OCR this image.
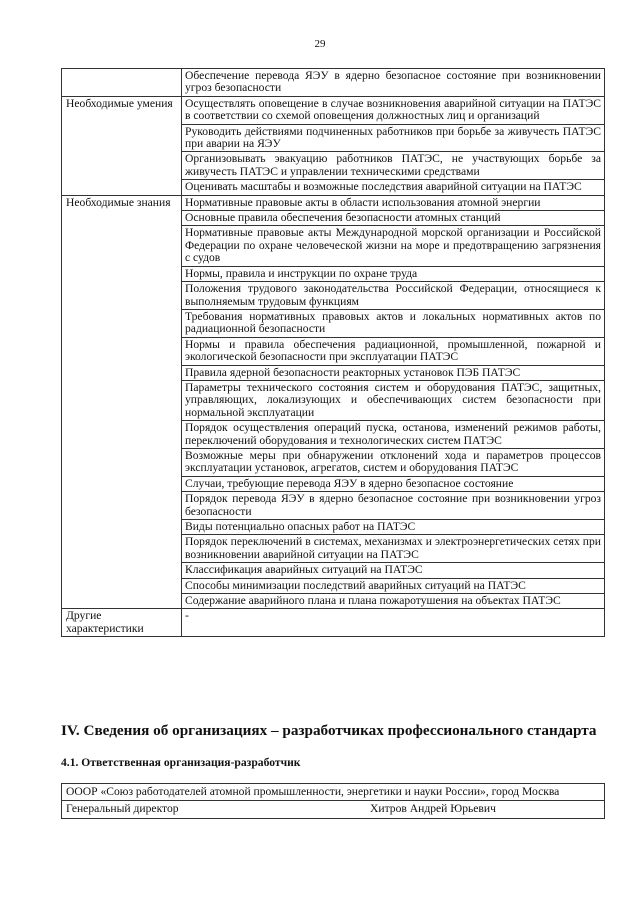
29
	Обеспечение перевода ЯЭУ в ядерно безопасное состояние при возникновении угроз безопасности
Необходимые умения	Осуществлять оповещение в случае возникновения аварийной ситуации на ПАТЭС в соответствии со схемой оповещения должностных лиц и организаций
	Руководить действиями подчиненных работников при борьбе за живучесть ПАТЭС при аварии на ЯЭУ
	Организовывать эвакуацию работников ПАТЭС, не участвующих борьбе за живучесть ПАТЭС и управлении техническими средствами
	Оценивать масштабы и возможные последствия аварийной ситуации на ПАТЭС
Необходимые знания	Нормативные правовые акты в области использования атомной энергии
	Основные правила обеспечения безопасности атомных станций
	Нормативные правовые акты Международной морской организации и Российской Федерации по охране человеческой жизни на море и предотвращению загрязнения с судов
	Нормы, правила и инструкции по охране труда
	Положения трудового законодательства Российской Федерации, относящиеся к выполняемым трудовым функциям
	Требования нормативных правовых актов и локальных нормативных актов по радиационной безопасности
	Нормы и правила обеспечения радиационной, промышленной, пожарной и экологической безопасности при эксплуатации ПАТЭС
	Правила ядерной безопасности реакторных установок ПЭБ ПАТЭС
	Параметры технического состояния систем и оборудования ПАТЭС, защитных, управляющих, локализующих и обеспечивающих систем безопасности при нормальной эксплуатации
	Порядок осуществления операций пуска, останова, изменений режимов работы, переключений оборудования и технологических систем ПАТЭС
	Возможные меры при обнаружении отклонений хода и параметров процессов эксплуатации установок, агрегатов, систем и оборудования ПАТЭС
	Случаи, требующие перевода ЯЭУ в ядерно безопасное состояние
	Порядок перевода ЯЭУ в ядерно безопасное состояние при возникновении угроз безопасности
	Виды потенциально опасных работ на ПАТЭС
	Порядок переключений в системах, механизмах и электроэнергетических сетях при возникновении аварийной ситуации на ПАТЭС
	Классификация аварийных ситуаций на ПАТЭС
	Способы минимизации последствий аварийных ситуаций на ПАТЭС
	Содержание аварийного плана и плана пожаротушения на объектах ПАТЭС
Другие характеристики	-
IV. Сведения об организациях – разработчиках профессионального стандарта
4.1. Ответственная организация-разработчик
ОООР «Союз работодателей атомной промышленности, энергетики и науки России», город Москва

Генеральный директор	Хитров Андрей Юрьевич
